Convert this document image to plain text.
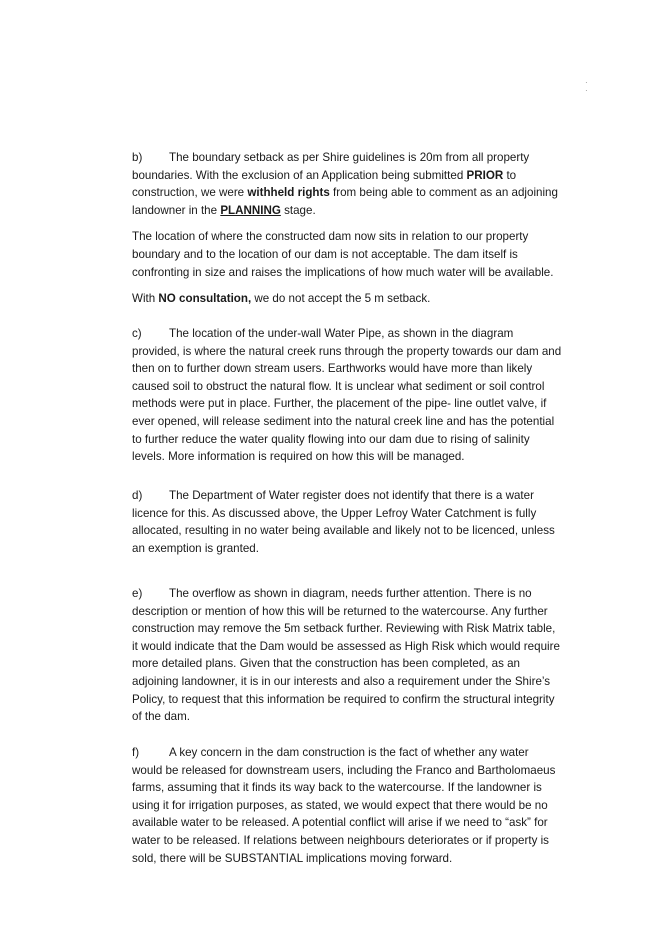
· ·

b) The boundary setback as per Shire guidelines is 20m from all property boundaries. With the exclusion of an Application being submitted PRIOR to construction, we were withheld rights from being able to comment as an adjoining landowner in the PLANNING stage.

The location of where the constructed dam now sits in relation to our property boundary and to the location of our dam is not acceptable. The dam itself is confronting in size and raises the implications of how much water will be available.

With NO consultation, we do not accept the 5 m setback.

c) The location of the under-wall Water Pipe, as shown in the diagram provided, is where the natural creek runs through the property towards our dam and then on to further down stream users. Earthworks would have more than likely caused soil to obstruct the natural flow. It is unclear what sediment or soil control methods were put in place. Further, the placement of the pipe- line outlet valve, if ever opened, will release sediment into the natural creek line and has the potential to further reduce the water quality flowing into our dam due to rising of salinity levels. More information is required on how this will be managed.

d) The Department of Water register does not identify that there is a water licence for this. As discussed above, the Upper Lefroy Water Catchment is fully allocated, resulting in no water being available and likely not to be licenced, unless an exemption is granted.

e) The overflow as shown in diagram, needs further attention. There is no description or mention of how this will be returned to the watercourse. Any further construction may remove the 5m setback further. Reviewing with Risk Matrix table, it would indicate that the Dam would be assessed as High Risk which would require more detailed plans. Given that the construction has been completed, as an adjoining landowner, it is in our interests and also a requirement under the Shire’s Policy, to request that this information be required to confirm the structural integrity of the dam.

f)	A key concern in the dam construction is the fact of whether any water would be released for downstream users, including the Franco and Bartholomaeus farms, assuming that it finds its way back to the watercourse. If the landowner is using it for irrigation purposes, as stated, we would expect that there would be no available water to be released. A potential conflict will arise if we need to “ask” for water to be released. If relations between neighbours deteriorates or if property is sold, there will be SUBSTANTIAL implications moving forward.
